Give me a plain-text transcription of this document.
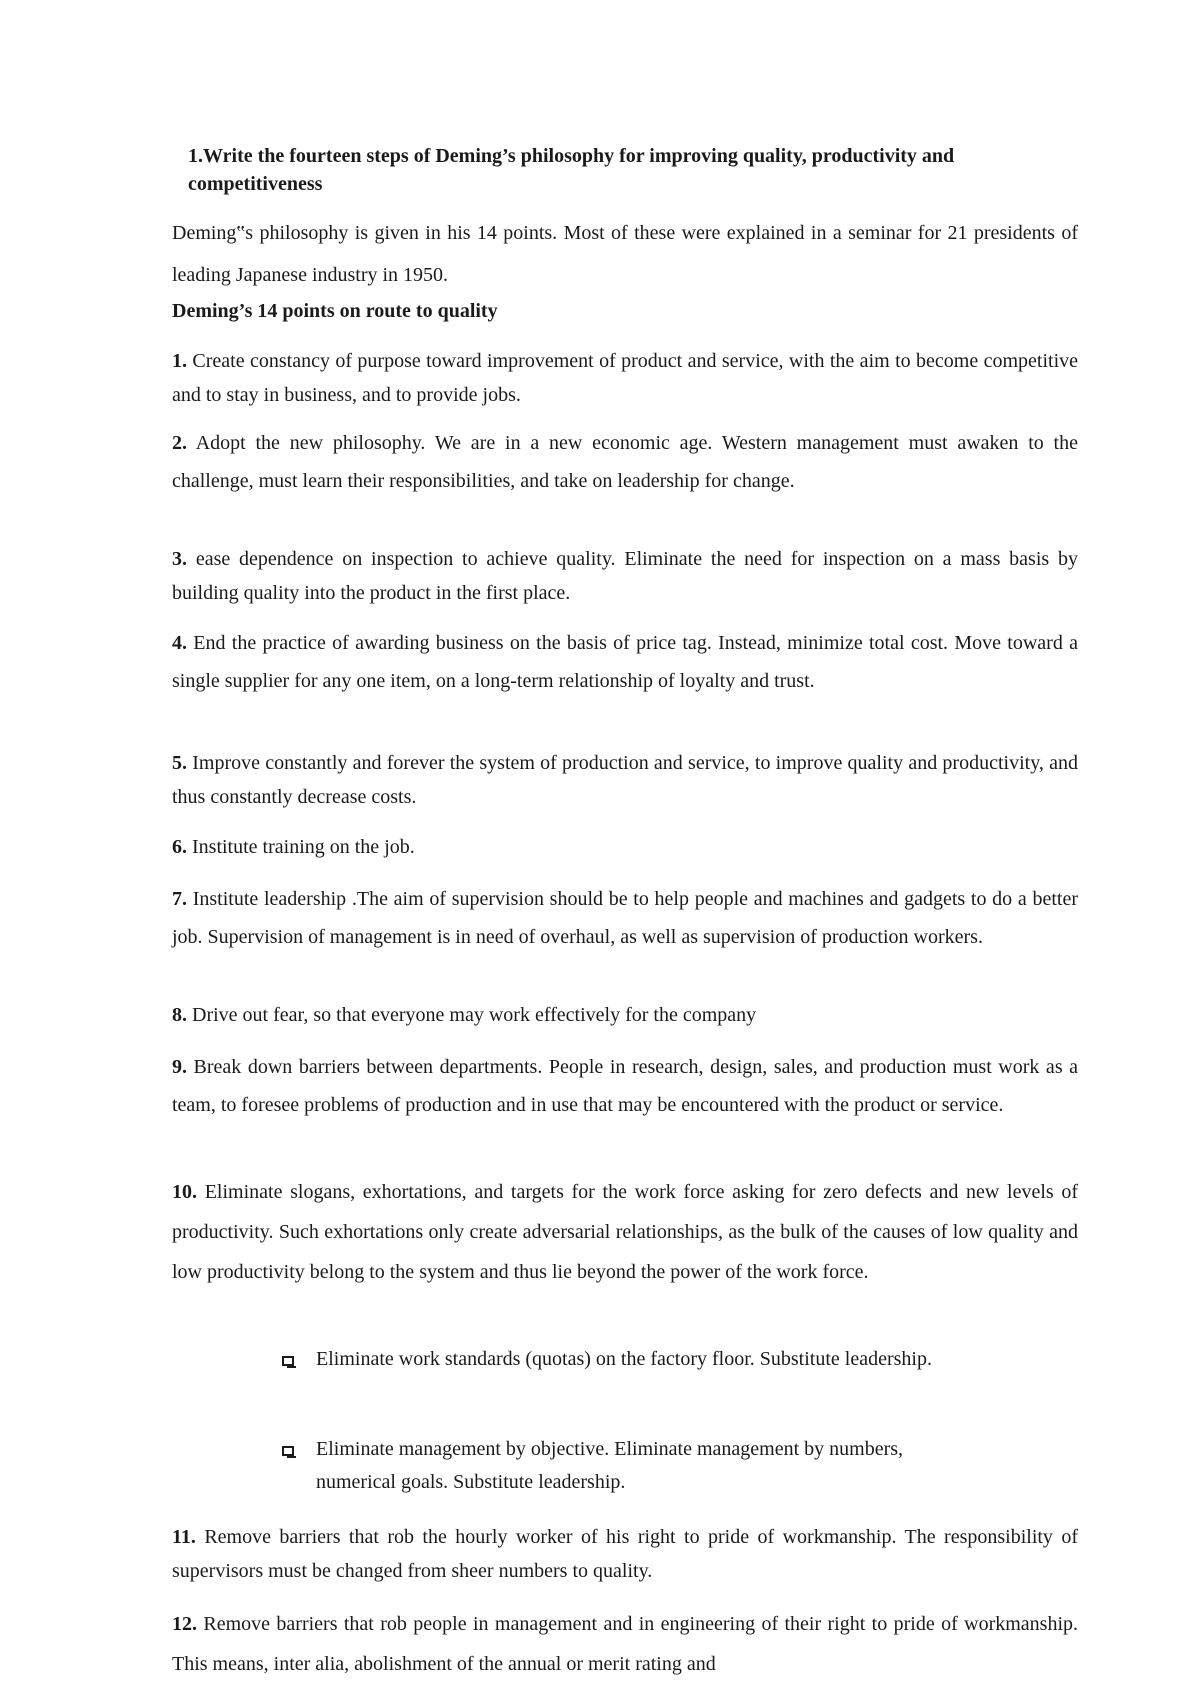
1.Write the fourteen steps of Deming’s philosophy for improving quality, productivity and competitiveness

Deming‟s philosophy is given in his 14 points. Most of these were explained in a seminar for 21 presidents of leading Japanese industry in 1950.

Deming’s 14 points on route to quality

1. Create constancy of purpose toward improvement of product and service, with the aim to become competitive and to stay in business, and to provide jobs.

2. Adopt the new philosophy. We are in a new economic age. Western management must awaken to the challenge, must learn their responsibilities, and take on leadership for change.

3. ease dependence on inspection to achieve quality. Eliminate the need for inspection on a mass basis by building quality into the product in the first place.

4. End the practice of awarding business on the basis of price tag. Instead, minimize total cost. Move toward a single supplier for any one item, on a long-term relationship of loyalty and trust.

5. Improve constantly and forever the system of production and service, to improve quality and productivity, and thus constantly decrease costs.

6. Institute training on the job.

7. Institute leadership .The aim of supervision should be to help people and machines and gadgets to do a better job. Supervision of management is in need of overhaul, as well as supervision of production workers.

8. Drive out fear, so that everyone may work effectively for the company

9. Break down barriers between departments. People in research, design, sales, and production must work as a team, to foresee problems of production and in use that may be encountered with the product or service.

10. Eliminate slogans, exhortations, and targets for the work force asking for zero defects and new levels of productivity. Such exhortations only create adversarial relationships, as the bulk of the causes of low quality and low productivity belong to the system and thus lie beyond the power of the work force.

Eliminate work standards (quotas) on the factory floor. Substitute leadership.
Eliminate management by objective. Eliminate management by numbers, numerical goals. Substitute leadership.

11. Remove barriers that rob the hourly worker of his right to pride of workmanship. The responsibility of supervisors must be changed from sheer numbers to quality.

12. Remove barriers that rob people in management and in engineering of their right to pride of workmanship. This means, inter alia, abolishment of the annual or merit rating and
